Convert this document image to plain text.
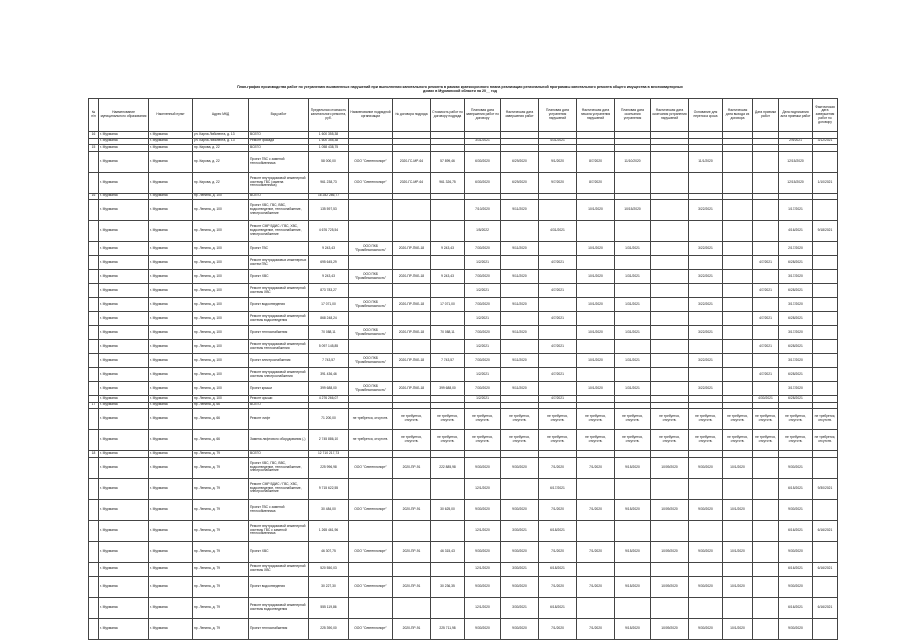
План-график производства работ по устранению выявленных нарушений при выполнении капитального ремонта в рамках краткосрочного плана реализации региональной программы капитального ремонта общего имущества в многоквартирных домах в Мурманской области на 20__ год
№ п/п	Наименование муниципального образования	Населенный пункт	Адрес МКД	Вид работ	Предельная стоимость капитального ремонта, руб.	Наименование подрядной организации	№ договора подряда	Стоимость работ по договору подряда	Плановая дата завершения работ по договору	Фактическая дата завершения работ	Плановая дата устранения нарушений	Фактическая дата начала устранения нарушений	Плановая дата окончания устранения	Фактическая дата окончания устранения нарушений	Основание для переноса срока	Фактическая дата выхода из договора	Дата приемки работ	Дата подписания акта приемки работ	Фактическая дата завершения работ по договору
16	г. Мурманск	г. Мурманск	ул. Карла Либкнехта, д. 13	ВСЕГО	1 600 355,38														
	г. Мурманск	г. Мурманск	ул. Карла Либкнехта, д. 13	Ремонт фасада	1 600 355,38				3/31/2021		4/31/2021							2/9/2021	3/12/2021
15	г. Мурманск	г. Мурманск	пр. Кирова, д. 22	ВСЕГО	1 058 438,75														
	г. Мурманск	г. Мурманск	пр. Кирова, д. 22	Проект ГВС с заменой теплообменника	58 000,00	ООО "Севтеплопорт"	2020-ГС-МР-64	57 899,46	6/30/2020	6/29/2020	9/1/2020	8/7/2020	11/10/2020		11/1/2020			12/15/2020	
	г. Мурманск	г. Мурманск	пр. Кирова, д. 22	Ремонт внутридомовой инженерной системы ГВС (замена теплообменника)	961 238,73	ООО "Севтеплопорт"	2020-ГС-МР-64	961 326,75	6/30/2020	6/29/2020	9/7/2020	8/7/2020						12/15/2020	1/10/2021
16	г. Мурманск	г. Мурманск	пр. Ленина, д. 100	ВСЕГО	16 282 286,77														
	г. Мурманск	г. Мурманск	пр. Ленина, д. 100	Проект ХВС, ГВС, ВВС, водоотведение, теплоснабжение, электроснабжение	135 597,53				7/10/2020	9/11/2020		10/1/2020	10/15/2020		3/22/2021			1/17/2021	
	г. Мурманск	г. Мурманск	пр. Ленина, д. 100	Ремонт СМР ВДИС / ГВС, ХВС, водоотведение, теплоснабжение, электроснабжение	4 676 725,54				1/5/2022		4/31/2021							4/16/2021	9/18/2021
	г. Мурманск	г. Мурманск	пр. Ленина, д. 100	Проект ГВС	9 243,43	ООО ПКБ "Промбезопасность"	2020-ПР-ПКБ-18	9 243,43	7/30/2020	9/11/2020		10/1/2020	1/31/2021		3/22/2021			2/17/2020	
	г. Мурманск	г. Мурманск	пр. Ленина, д. 100	Ремонт внутридомовых инженерных систем ГВС	695 645,29				1/2/2021		4/7/2021						4/7/2021	6/28/2021	
	г. Мурманск	г. Мурманск	пр. Ленина, д. 100	Проект ХВС	9 243,43	ООО ПКБ "Промбезопасность"	2020-ПР-ПКБ-18	9 243,43	7/30/2020	9/11/2020		10/1/2020	1/31/2021		3/22/2021			3/17/2020	
	г. Мурманск	г. Мурманск	пр. Ленина, д. 100	Ремонт внутридомовой инженерной системы ХВС	873 783,27				1/2/2021		4/7/2021						4/7/2021	6/28/2021	
	г. Мурманск	г. Мурманск	пр. Ленина, д. 100	Проект водоотведения	17 071,00	ООО ПКБ "Промбезопасность"	2020-ПР-ПКБ-18	17 071,00	7/30/2020	9/11/2020		10/1/2020	1/31/2021		3/22/2021			3/17/2020	
	г. Мурманск	г. Мурманск	пр. Ленина, д. 100	Ремонт внутридомовой инженерной системы водоотведения	868 248,24				1/2/2021		4/7/2021						4/7/2021	6/28/2021	
	г. Мурманск	г. Мурманск	пр. Ленина, д. 100	Проект теплоснабжения	70 088,11	ООО ПКБ "Промбезопасность"	2020-ПР-ПКБ-18	70 088,11	7/30/2020	9/11/2020		10/1/2020	1/31/2021		3/22/2021			3/17/2020	
	г. Мурманск	г. Мурманск	пр. Ленина, д. 100	Ремонт внутридомовой инженерной системы теплоснабжения	5 097 145,85				1/2/2021		4/7/2021						4/7/2021	6/28/2021	
	г. Мурманск	г. Мурманск	пр. Ленина, д. 100	Проект электроснабжения	7 743,57	ООО ПКБ "Промбезопасность"	2020-ПР-ПКБ-18	7 743,57	7/30/2020	9/11/2020		10/1/2020	1/31/2021		3/22/2021			3/17/2020	
	г. Мурманск	г. Мурманск	пр. Ленина, д. 100	Ремонт внутридомовой инженерной системы электроснабжения	391 436,46				1/2/2021		4/7/2021						4/7/2021	6/28/2021	
	г. Мурманск	г. Мурманск	пр. Ленина, д. 100	Проект крыши	399 688,00	ООО ПКБ "Промбезопасность"	2020-ПР-ПКБ-18	399 688,00	7/30/2020	9/11/2020		10/1/2020	1/31/2021		3/22/2021			3/17/2020	
	г. Мурманск	г. Мурманск	пр. Ленина, д. 100	Ремонт крыши	4 276 266,07				1/2/2021		4/7/2021						4/30/2021	6/28/2021	
17	г. Мурманск	г. Мурманск	пр. Ленина, д. 66	ВСЕГО															
	г. Мурманск	г. Мурманск	пр. Ленина, д. 66	Ремонт лифт	71 200,00	не требуется, отсутств.	не требуется, отсутств.	не требуется, отсутств.	не требуется, отсутств.	не требуется, отсутств.	не требуется, отсутств.	не требуется, отсутств.	не требуется, отсутств.	не требуется, отсутств.	не требуется, отсутств.	не требуется, отсутств.	не требуется, отсутств.	не требуется, отсутств.	не требуется, отсутств.
	г. Мурманск	г. Мурманск	пр. Ленина, д. 66	Замена лифтового оборудования (-)	2 745 886,10	не требуется, отсутств.	не требуется, отсутств.	не требуется, отсутств.	не требуется, отсутств.	не требуется, отсутств.	не требуется, отсутств.	не требуется, отсутств.	не требуется, отсутств.	не требуется, отсутств.	не требуется, отсутств.	не требуется, отсутств.	не требуется, отсутств.	не требуется, отсутств.	не требуется, отсутств.
18	г. Мурманск	г. Мурманск	пр. Ленина, д. 79	ВСЕГО	12 710 217,73														
	г. Мурманск	г. Мурманск	пр. Ленина, д. 79	Проект ХВС, ГВС, ВВС, водоотведение, теплоснабжение, электроснабжение	225 996,98	ООО "Севтеплопорт"	2020-ПР-91	222 885,98	9/30/2020	9/30/2020	7/1/2020	7/1/2020	9/15/2020	10/09/2020	9/30/2020	10/1/2020		9/30/2021	
	г. Мурманск	г. Мурманск	пр. Ленина, д. 79	Ремонт СМР ВДИС / ГВС, ХВС, водоотведение, теплоснабжение, электроснабжение	9 715 622,55				12/1/2020		6/17/2021							6/15/2021	9/30/2021
	г. Мурманск	г. Мурманск	пр. Ленина, д. 79	Проект ГВС с заменой теплообменника	30 484,00	ООО "Севтеплопорт"	2020-ПР-91	30 625,00	9/30/2020	9/30/2020	7/1/2020	7/1/2020	9/15/2020	10/09/2020	9/30/2020	10/1/2020		9/30/2021	
	г. Мурманск	г. Мурманск	пр. Ленина, д. 79	Ремонт внутридомовой инженерной системы ГВС с заменой теплообменника	1 265 461,96				12/1/2020	3/30/2021	6/18/2021							6/16/2021	6/16/2021
	г. Мурманск	г. Мурманск	пр. Ленина, д. 79	Проект ХВС	46 307,75	ООО "Севтеплопорт"	2020-ПР-91	46 315,43	9/30/2020	9/30/2020	7/1/2020	7/1/2020	9/15/2020	10/09/2020	9/30/2020	10/1/2020		9/30/2020	
	г. Мурманск	г. Мурманск	пр. Ленина, д. 79	Ремонт внутридомовой инженерной системы ХВС	520 550,03				12/1/2020	3/30/2021	6/18/2021							6/16/2021	6/16/2021
	г. Мурманск	г. Мурманск	пр. Ленина, д. 79	Проект водоотведения	30 227,30	ООО "Севтеплопорт"	2020-ПР-91	30 236,35	9/30/2020	9/30/2020	7/1/2020	7/1/2020	9/15/2020	10/09/2020	9/30/2020	10/1/2020		9/30/2020	
	г. Мурманск	г. Мурманск	пр. Ленина, д. 79	Ремонт внутридомовой инженерной системы водоотведения	555 119,86				12/1/2020	3/30/2021	6/18/2021							6/16/2021	6/16/2021
	г. Мурманск	г. Мурманск	пр. Ленина, д. 79	Проект теплоснабжения	225 390,00	ООО "Севтеплопорт"	2020-ПР-91	225 711,98	9/30/2020	9/30/2020	7/1/2020	7/1/2020	9/15/2020	10/09/2020	9/30/2020	10/1/2020		9/30/2020	
